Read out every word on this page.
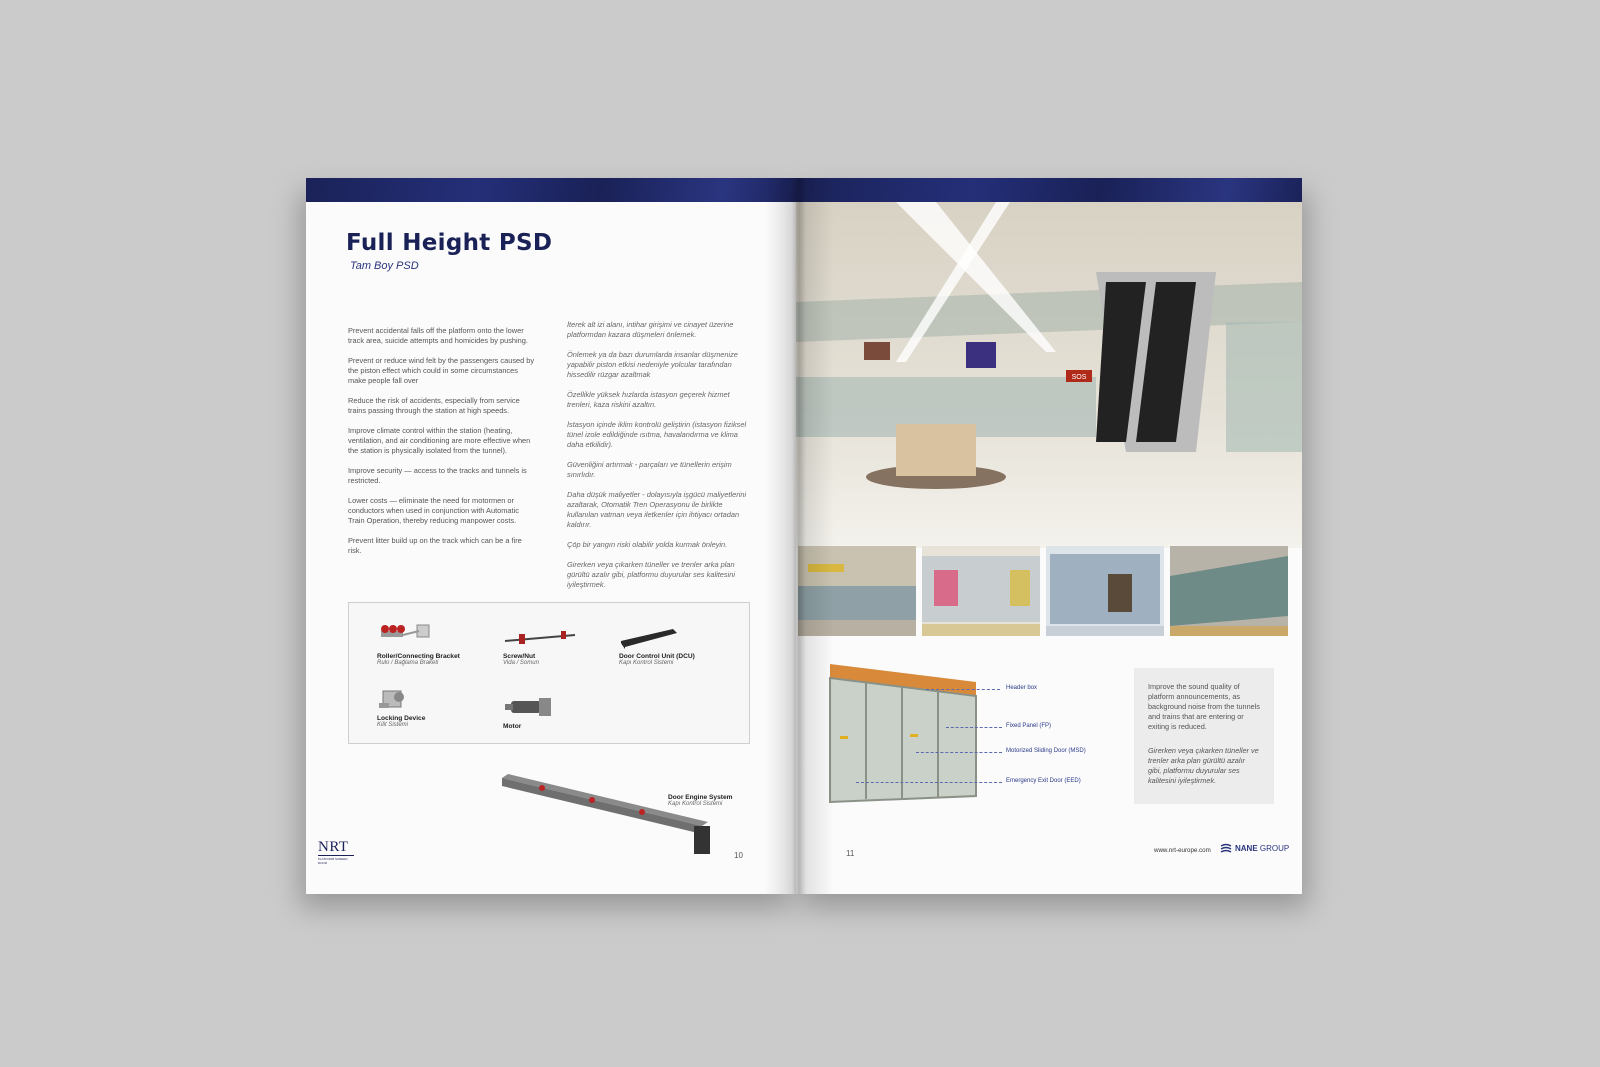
Full Height PSD
Tam Boy PSD

Prevent accidental falls off the platform onto the lower track area, suicide attempts and homicides by pushing.

Prevent or reduce wind felt by the passengers caused by the piston effect which could in some circumstances make people fall over

Reduce the risk of accidents, especially from service trains passing through the station at high speeds.

Improve climate control within the station (heating, ventilation, and air conditioning are more effective when the station is physically isolated from the tunnel).

Improve security — access to the tracks and tunnels is restricted.

Lower costs — eliminate the need for motormen or conductors when used in conjunction with Automatic Train Operation, thereby reducing manpower costs.

Prevent litter build up on the track which can be a fire risk.

İterek alt izi alanı, intihar girişimi ve cinayet üzerine platformdan kazara düşmeleri önlemek.

Önlemek ya da bazı durumlarda insanlar düşmenize yapabilir piston etkisi nedeniyle yolcular tarafından hissedilir rüzgar azaltmak

Özellikle yüksek hızlarda istasyon geçerek hizmet trenleri, kaza riskini azaltın.

İstasyon içinde iklim kontrolü geliştirin (istasyon fiziksel tünel izole edildiğinde ısıtma, havalandırma ve klima daha etkilidir).

Güvenliğini artırmak - parçaları ve tünellerin erişim sınırlıdır.

Daha düşük maliyetler - dolayısıyla işgücü maliyetlerini azaltarak, Otomatik Tren Operasyonu ile birlikte kullanılan vatman veya iletkenler için ihtiyacı ortadan kaldırır.

Çöp bir yangın riski olabilir yolda kurmak önleyin.

Girerken veya çıkarken tüneller ve trenler arka plan gürültü azalır gibi, platformu duyurular ses kalitesini iyileştirmek.

Roller/Connecting Bracket
Rulo / Bağlama Braketi
Screw/Nut
Vida / Somun
Door Control Unit (DCU)
Kapı Kontrol Sistemi
Locking Device
Kilit Sistemi	Motor
Door Engine System
Kapı Kontrol Sistemi
NRT
PLATFORM SCREEN DOOR
10
SOS
Header box
Fixed Panel (FP)
Motorized Sliding Door (MSD)
Emergency Exit Door (EED)

Improve the sound quality of platform announcements, as background noise from the tunnels and trains that are entering or exiting is reduced.

Girerken veya çıkarken tüneller ve trenler arka plan gürültü azalır gibi, platformu duyurular ses kalitesini iyileştirmek.

11	www.nrt-europe.com	NANE GROUP
